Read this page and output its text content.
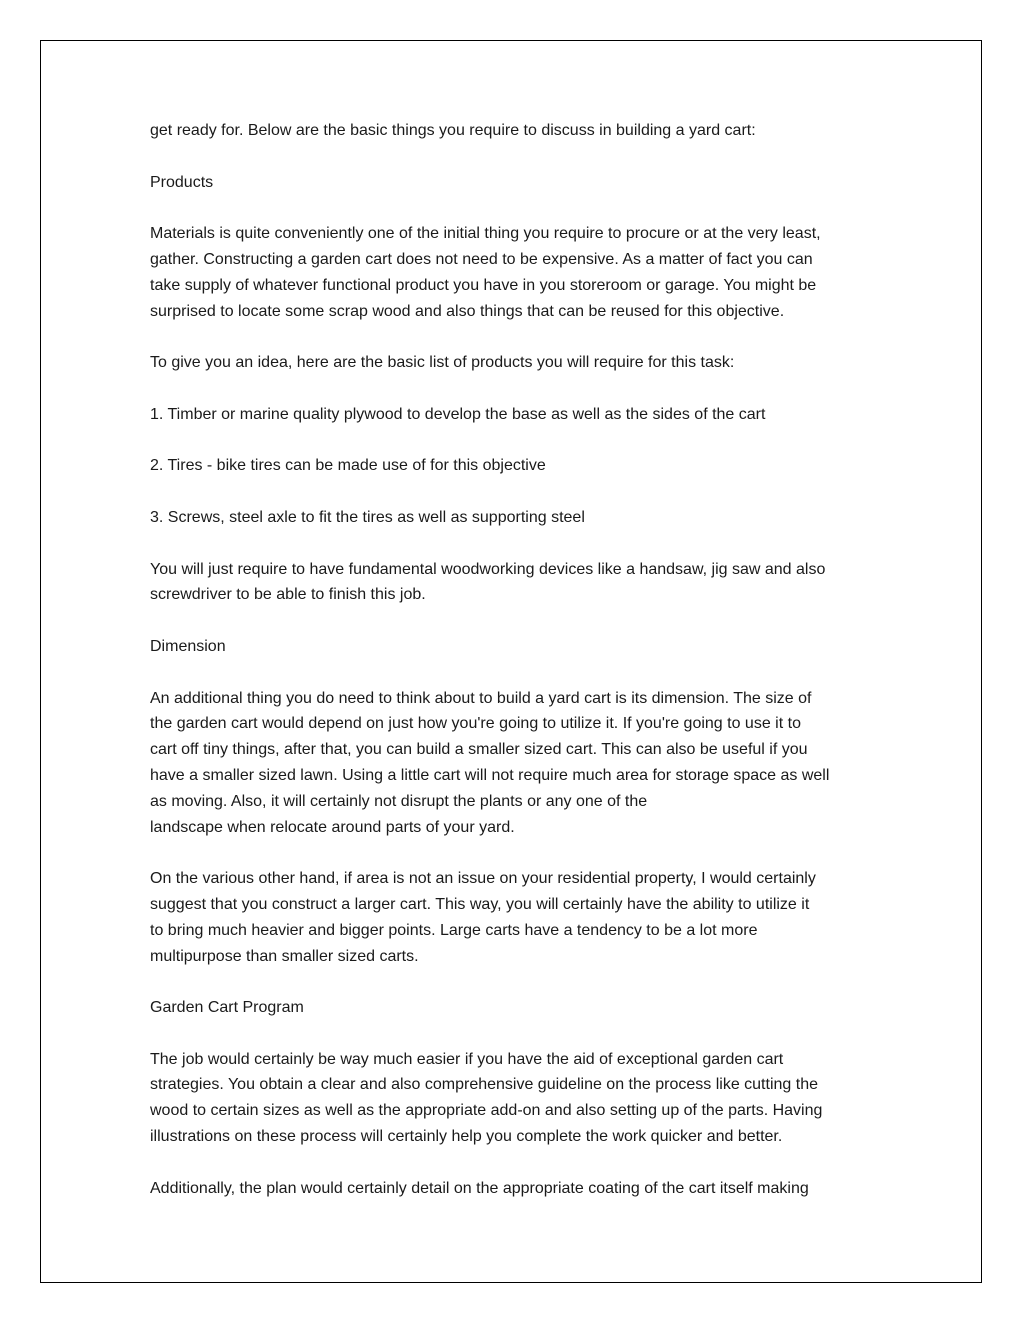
get ready for. Below are the basic things you require to discuss in building a yard cart:
Products
Materials is quite conveniently one of the initial thing you require to procure or at the very least,
gather. Constructing a garden cart does not need to be expensive. As a matter of fact you can
take supply of whatever functional product you have in you storeroom or garage. You might be
surprised to locate some scrap wood and also things that can be reused for this objective.
To give you an idea, here are the basic list of products you will require for this task:
1. Timber or marine quality plywood to develop the base as well as the sides of the cart
2. Tires - bike tires can be made use of for this objective
3. Screws, steel axle to fit the tires as well as supporting steel
You will just require to have fundamental woodworking devices like a handsaw, jig saw and also
screwdriver to be able to finish this job.
Dimension
An additional thing you do need to think about to build a yard cart is its dimension. The size of
the garden cart would depend on just how you're going to utilize it. If you're going to use it to
cart off tiny things, after that, you can build a smaller sized cart. This can also be useful if you
have a smaller sized lawn. Using a little cart will not require much area for storage space as well
as moving. Also, it will certainly not disrupt the plants or any one of the
landscape when relocate around parts of your yard.
On the various other hand, if area is not an issue on your residential property, I would certainly
suggest that you construct a larger cart. This way, you will certainly have the ability to utilize it
to bring much heavier and bigger points. Large carts have a tendency to be a lot more
multipurpose than smaller sized carts.
Garden Cart Program
The job would certainly be way much easier if you have the aid of exceptional garden cart
strategies. You obtain a clear and also comprehensive guideline on the process like cutting the
wood to certain sizes as well as the appropriate add-on and also setting up of the parts. Having
illustrations on these process will certainly help you complete the work quicker and better.
Additionally, the plan would certainly detail on the appropriate coating of the cart itself making
